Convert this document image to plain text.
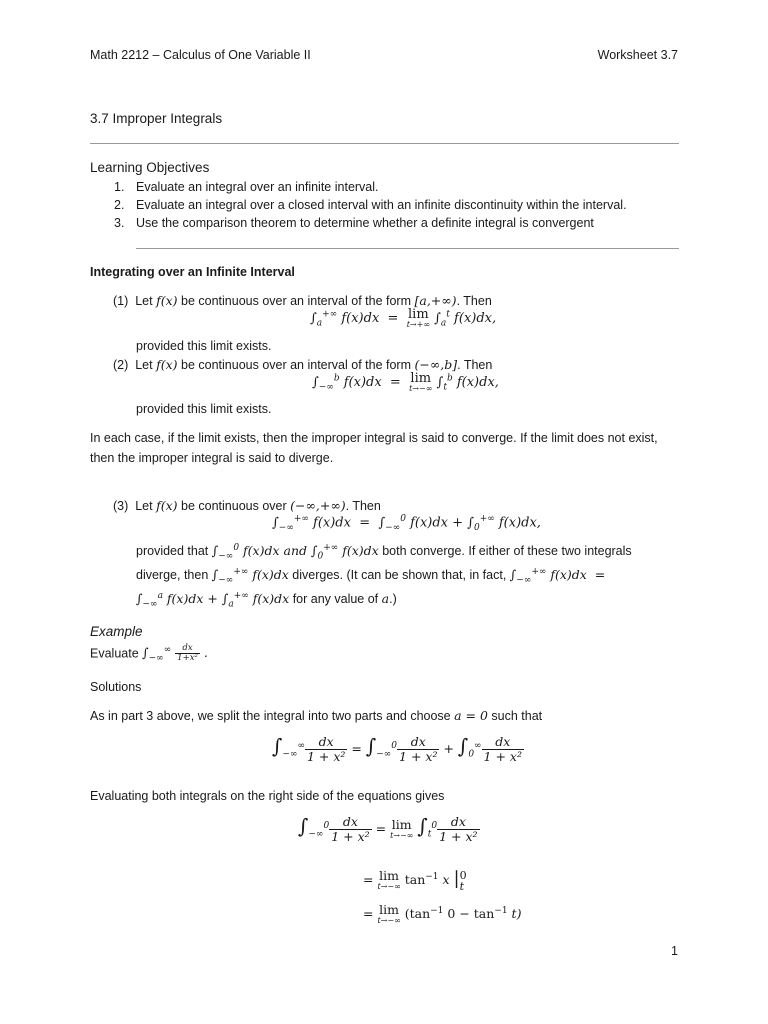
Math 2212 – Calculus of One Variable II	Worksheet 3.7
3.7 Improper Integrals
Learning Objectives
1. Evaluate an integral over an infinite interval.
2. Evaluate an integral over a closed interval with an infinite discontinuity within the interval.
3. Use the comparison theorem to determine whether a definite integral is convergent
Integrating over an Infinite Interval
(1) Let f(x) be continuous over an interval of the form [a,+∞). Then
$\int_a^{+\infty}$ f(x)dx  =  lim
t→+∞ $\int_a^t$ f(x)dx,
provided this limit exists.
(2) Let f(x) be continuous over an interval of the form (−∞,b]. Then
$\int_{-\infty}^b$ f(x)dx  =  lim
t→−∞ $\int_t^b$ f(x)dx,
provided this limit exists.
In each case, if the limit exists, then the improper integral is said to converge. If the limit does not exist,
then the improper integral is said to diverge.
(3) Let f(x) be continuous over (−∞,+∞). Then
$\int_{-\infty}^{+\infty}$ $f(x)dx = \int_{-\infty}^0$ $f(x)dx + \int_0^{+\infty}$ f(x)dx,
provided that $\int_{-\infty}^0$ f(x)dx and $\int_0^{+\infty}$ f(x)dx both converge. If either of these two integrals
diverge, then $\int_{-\infty}^{+\infty}$ f(x)dx diverges. (It can be shown that, in fact, $\int_{-\infty}^{+\infty}$ f(x)dx  =
$\int_{-\infty}^a$ $f(x)dx + \int_a^{+\infty}$ f(x)dx for any value of a.)
Example
Evaluate $\int_{-\infty}^\infty \frac{dx}{\text{1+x²}}$ .
Solutions
As in part 3 above, we split the integral into two parts and choose a = 0 such that
$\int_{-\infty}^\infty \frac{dx}{\text{1 + x²}} = \int_{-\infty}^0 \frac{dx}{\text{1 + x²}} + \int_0^\infty \frac{dx}{\text{1 + x²}}$
Evaluating both integrals on the right side of the equations gives
$\int_{-\infty}^0 \frac{dx}{\text{1 + x²}} = \lim$
t→−∞ $\int_t^0 \frac{dx}{\text{1 + x²}}$
= lim
t→−∞ $\tan^{-1} x$ | 0
t
= lim
t→−∞ ($\tan^{-1}$ $0 - \tan^{-1} t$)
1
